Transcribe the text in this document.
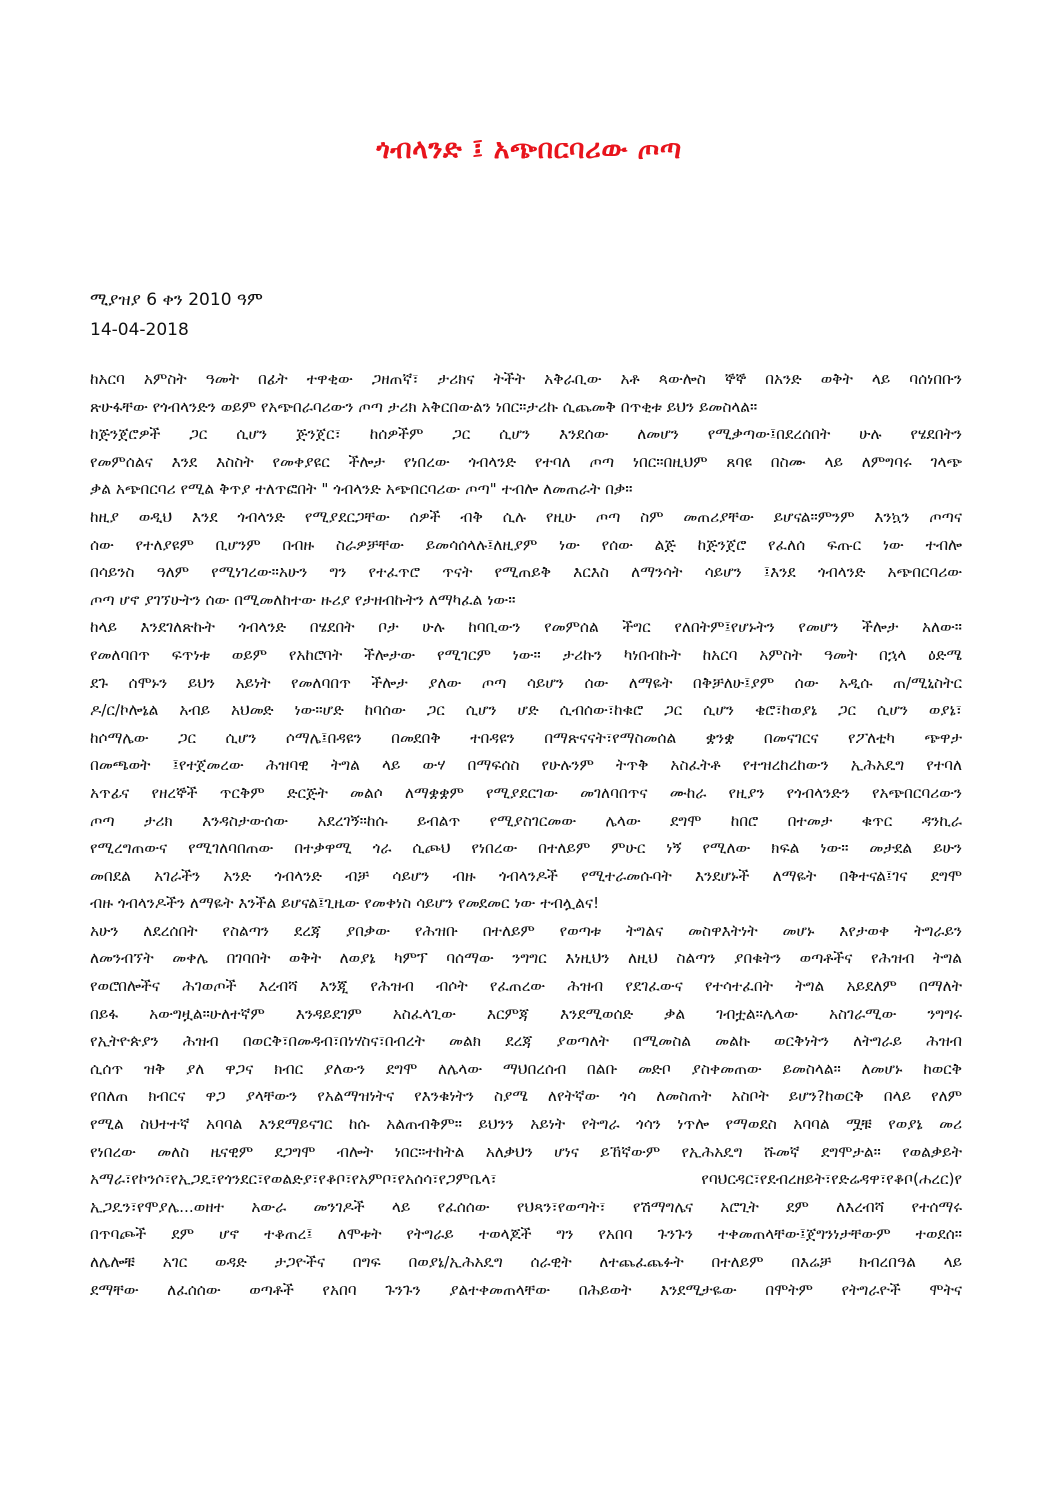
ጎብላንድ ፤ አጭበርባሪው ጦጣ
ሚያዝያ 6 ቀን 2010 ዓም
14-04-2018
ከአርባ አምስት ዓመት በፊት ተዋቂው ጋዘጠኛ፣ ታሪክና ትችት አቅራቢው አቶ ጳውሎስ ኞኞ በአንድ ወቅት ላይ ባሰነበቡን
ጽሁፋቸው የጎብላንድን ወይም የአጭበራባሪውን ጦጣ ታሪክ አቅርበውልን ነበር።ታሪኩ ሲጨመቅ በጥቂቱ ይህን ይመስላል።
ከጅንጀሮዎች ጋር ሲሆን ጅንጀር፣ ከሰዎችም ጋር ሲሆን እንደሰው ለመሆን የሚቃጣው፤በደረሰበት ሁሉ የሄደበትን
የመምሰልና እንደ እስስት የመቀያዩር ችሎታ የነበረው ጎብላንድ የተባለ ጦጣ ነበር።በዚህም ጸባዩ በስሙ ላይ ለምግባሩ ገላጭ
ቃል አጭበርባሪ የሚል ቅጥያ ተለጥፎበት " ጎብላንድ አጭበርባሪው ጦጣ" ተብሎ ለመጠራት በቃ።
ከዚያ ወዲህ እንደ ጎብላንድ የሚያደርጋቸው ሰዎች ብቅ ሲሉ የዚሁ ጦጣ ስም መጠሪያቸው ይሆናል።ምንም እንኳን ጦጣና
ሰው የተለያዩም ቢሆንም በብዙ ስራዎቻቸው ይመሳሰላሉ፤ለዚያም ነው የሰው ልጅ ከጅንጀሮ የፈለሰ ፍጡር ነው ተብሎ
በሳይንስ ዓለም የሚነገረው።አሁን ግን የተፈጥሮ ጥናት የሚጠይቅ እርእስ ለማንሳት ሳይሆን ፤እንደ ጎብላንድ አጭበርባሪው
ጦጣ ሆኖ ያገኘሁትን ሰው በሚመለከተው ዙሪያ የታዘብኩትን ለማካፈል ነው።
ከላይ እንደገለጽኩት ጎብላንድ በሄደበት ቦታ ሁሉ ከባቢውን የመምሰል ችግር የለበትም፤የሆኑትን የመሆን ችሎታ አለው።
የመለባበጥ ፍጥነቱ ወይም የአከሮባት ችሎታው የሚገርም ነው። ታሪኩን ካነበብኩት ከአርባ አምስት ዓመት በኋላ ዕድሜ
ደጉ ሰሞኑን ይህን አይነት የመለባበጥ ችሎታ ያለው ጦጣ ሳይሆን ሰው ለማዬት በቅቻለሁ፤ያም ሰው አዲሱ ጠ/ሚኒስትር
ዶ/ር/ኮሎኔል አብይ አህመድ ነው።ሆድ ከባሰው ጋር ሲሆን ሆድ ሲብሰው፣ከቁሮ ጋር ሲሆን ቄሮ፣ከወያኔ ጋር ሲሆን ወያኔ፣
ከሶማሌው ጋር ሲሆን ሶማሌ፤በዳዩን በመደበቅ ተበዳዩን በማጽናናት፣የማስመሰል ቋንቋ በመናገርና የፖለቲካ ጭዋታ
በመጫወት ፤የተጀመረው ሕዝባዊ ትግል ላይ ውሃ በማፍሰስ የሁሉንም ትጥቅ አስፈትቶ የተዝረከረከውን ኢሕአዴግ የተባለ
አጥፊና የዘረኞች ጥርቅም ድርጅት መልሶ ለማቋቋም የሚያደርገው መገለባበጥና ሙከራ የዚያን የጎብላንድን የአጭበርባሪውን
ጦጣ ታሪክ እንዳስታውሰው አደረገኝ።ከሱ ይብልጥ የሚያስገርመው ሌላው ደግሞ ከበሮ በተመታ ቁጥር ዳንኪራ
የሚረግጠውና የሚገለባበጠው በተቃዋሚ ጎራ ሲጮህ የነበረው በተለይም ምሁር ነኝ የሚለው ክፍል ነው። መታደል ይሁን
መበደል አገራችን አንድ ጎብላንድ ብቻ ሳይሆን ብዙ ጎብላንዶች የሚተራመሱባት እንደሆኑች ለማዬት በቅተናል፤ገና ደግሞ
ብዙ ጎብላንዶችን ለማዬት እንችል ይሆናል፤ጊዜው የመቀነስ ሳይሆን የመደመር ነው ተብሏልና!
አሁን ለደረሰበት የስልጣን ደረጃ ያበቃው የሕዝቡ በተለይም የወጣቱ ትግልና መስዋእትነት መሆኑ እየታወቀ ትግራይን
ለመንብኘት መቀሌ በገባበት ወቅት ለወያኔ ካምፕ ባሰማው ንግግር እነዚህን ለዚህ ስልጣን ያበቁትን ወጣቶችና የሕዝብ ትግል
የወሮበሎችና ሕገወጦች እረብሻ እንጂ የሕዝብ ብሶት የፈጠረው ሕዝብ የደገፈውና የተሳተፈበት ትግል አይደለም በማለት
በይፋ አውግዟል።ሁለተኛም እንዳይደገም አስፈላጊው እርምጃ እንደሚወሰድ ቃል ገብቷል።ሌላው አስገራሚው ንግግሩ
የኢትዮጵያን ሕዝብ በወርቅ፣በመዳብ፣በነሃስና፣በብረት መልክ ደረጃ ያወጣለት በሚመስል መልኩ ወርቅነትን ለትግራይ ሕዝብ
ሲሰጥ ዝቅ ያለ ዋጋና ክብር ያለውን ደግሞ ለሌላው ማህበረሰብ በልቡ መድቦ ያስቀመጠው ይመስላል። ለመሆኑ ከወርቅ
የበለጠ ክብርና ዋጋ ያላቸውን የአልማዝነትና የእንቁነትን ስያሜ ለየትኛው ጎሳ ለመስጠት አስቦት ይሆን?ከወርቅ በላይ የለም
የሚል ስህተተኛ አባባል እንደማይናገር ከሱ አልጠብቅም። ይህንን አይነት የትግራ ጎሳን ነጥሎ የማወደስ አባባል ሟቹ የወያኔ መሪ
የነበረው መለስ ዜናዊም ደጋግሞ ብሎት ነበር።ተከትል አለቃህን ሆነና ይኸኛውም የኢሕአዴግ ሹመኛ ደግሞታል። የወልቃይት
አማራ፣የኮንሶ፣የኢጋዴ፣የጎንደር፣የወልድያ፣የቆቦ፣የአምቦ፣የአሰሳ፣የጋምቤላ፣ የባህርዳር፣የደብረዘይት፣የድሬዳዋ፣የቆቦ(ሐረር)የ
ኢጋዴን፣የሞያሌ...ወዘተ አውራ መንገዶች ላይ የፈሰሰው የህጻን፣የወጣት፣ የሽማግሌና አሮጊት ደም ለእረብሻ የተሰማሩ
በጥባጮች ደም ሆኖ ተቆጠረ፤ ለሞቱት የትግራይ ተወላጆች ግን የአበባ ጉንጉን ተቀመጠላቸው፤ጀግንነታቸውም ተወደሰ።
ለሌሎቹ አገር ወዳድ ታጋዮችና በግፍ በወያኔ/ኢሕአዴግ ሰራዊት ለተጨፈጨፉት በተለይም በእሬቻ ክብረበዓል ላይ
ደማቸው ለፈሰሰው ወጣቶች የአበባ ጉንጉን ያልተቀመጠላቸው በሕይወት እንደሚታዬው በሞትም የትግራዮች ሞትና
